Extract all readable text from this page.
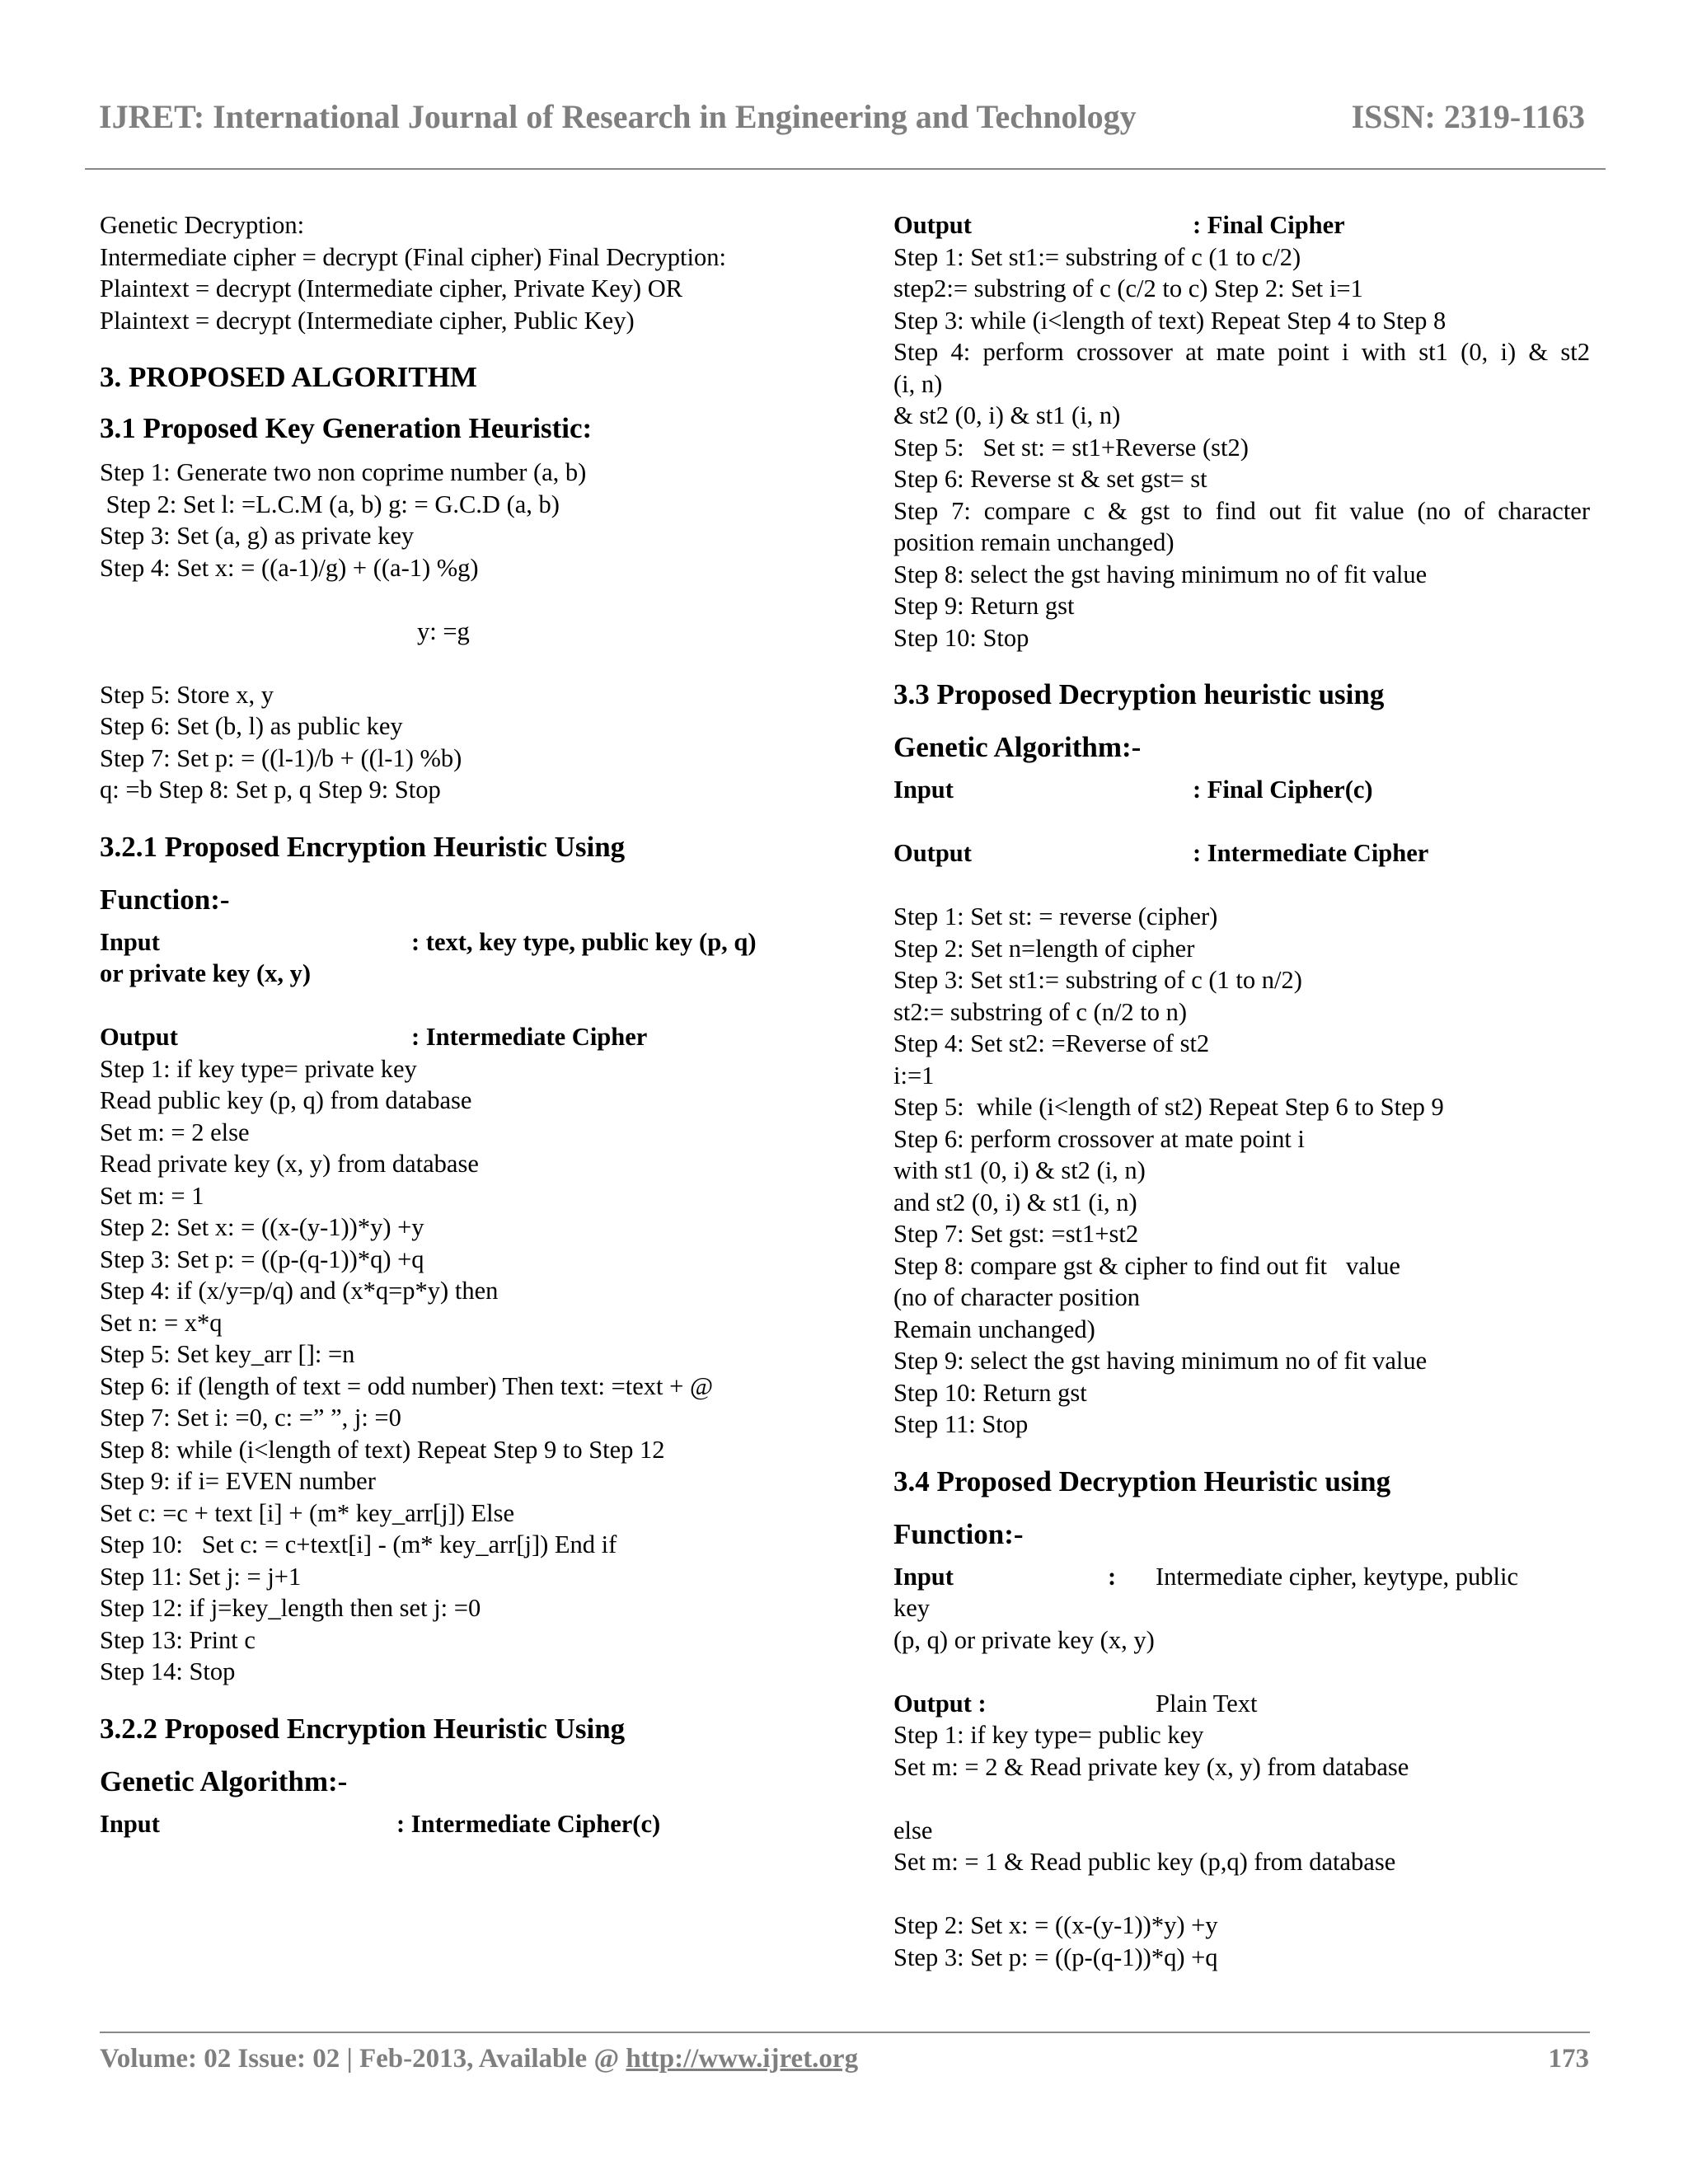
IJRET: International Journal of Research in Engineering and Technology	ISSN: 2319-1163
Genetic Decryption:
Intermediate cipher = decrypt (Final cipher) Final Decryption:
Plaintext = decrypt (Intermediate cipher, Private Key) OR
Plaintext = decrypt (Intermediate cipher, Public Key)
3. PROPOSED ALGORITHM
3.1 Proposed Key Generation Heuristic:
Step 1: Generate two non coprime number (a, b)
Step 2: Set l: =L.C.M (a, b) g: = G.C.D (a, b)
Step 3: Set (a, g) as private key
Step 4: Set x: = ((a-1)/g) + ((a-1) %g)
y: =g
Step 5: Store x, y
Step 6: Set (b, l) as public key
Step 7: Set p: = ((l-1)/b + ((l-1) %b)
q: =b Step 8: Set p, q Step 9: Stop
3.2.1 Proposed Encryption Heuristic Using
Function:-
Input	: text, key type, public key (p, q)
or private key (x, y)
Output	: Intermediate Cipher
Step 1: if key type= private key
Read public key (p, q) from database
Set m: = 2 else
Read private key (x, y) from database
Set m: = 1
Step 2: Set x: = ((x-(y-1))*y) +y
Step 3: Set p: = ((p-(q-1))*q) +q
Step 4: if (x/y=p/q) and (x*q=p*y) then
Set n: = x*q
Step 5: Set key_arr []: =n
Step 6: if (length of text = odd number) Then text: =text + @
Step 7: Set i: =0, c: =” ”, j: =0
Step 8: while (i<length of text) Repeat Step 9 to Step 12
Step 9: if i= EVEN number
Set c: =c + text [i] + (m* key_arr[j]) Else
Step 10:   Set c: = c+text[i] - (m* key_arr[j]) End if
Step 11: Set j: = j+1
Step 12: if j=key_length then set j: =0
Step 13: Print c
Step 14: Stop
3.2.2 Proposed Encryption Heuristic Using
Genetic Algorithm:-
Input	: Intermediate Cipher(c)
Output	: Final Cipher
Step 1: Set st1:= substring of c (1 to c/2)
step2:= substring of c (c/2 to c) Step 2: Set i=1
Step 3: while (i<length of text) Repeat Step 4 to Step 8
Step 4: perform crossover at mate point i with st1 (0, i) & st2
(i, n)
& st2 (0, i) & st1 (i, n)
Step 5:   Set st: = st1+Reverse (st2)
Step 6: Reverse st & set gst= st
Step 7: compare c & gst to find out fit value (no of character
position remain unchanged)
Step 8: select the gst having minimum no of fit value
Step 9: Return gst
Step 10: Stop
3.3 Proposed Decryption heuristic using
Genetic Algorithm:-
Input	: Final Cipher(c)
Output	: Intermediate Cipher
Step 1: Set st: = reverse (cipher)
Step 2: Set n=length of cipher
Step 3: Set st1:= substring of c (1 to n/2)
st2:= substring of c (n/2 to n)
Step 4: Set st2: =Reverse of st2
i:=1
Step 5:  while (i<length of st2) Repeat Step 6 to Step 9
Step 6: perform crossover at mate point i
with st1 (0, i) & st2 (i, n)
and st2 (0, i) & st1 (i, n)
Step 7: Set gst: =st1+st2
Step 8: compare gst & cipher to find out fit   value
(no of character position
Remain unchanged)
Step 9: select the gst having minimum no of fit value
Step 10: Return gst
Step 11: Stop
3.4 Proposed Decryption Heuristic using
Function:-
Input	:	Intermediate cipher, keytype, public
key
(p, q) or private key (x, y)
Output :	Plain Text
Step 1: if key type= public key
Set m: = 2 & Read private key (x, y) from database
else
Set m: = 1 & Read public key (p,q) from database
Step 2: Set x: = ((x-(y-1))*y) +y
Step 3: Set p: = ((p-(q-1))*q) +q
Volume: 02 Issue: 02 | Feb-2013, Available @ http://www.ijret.org	173
